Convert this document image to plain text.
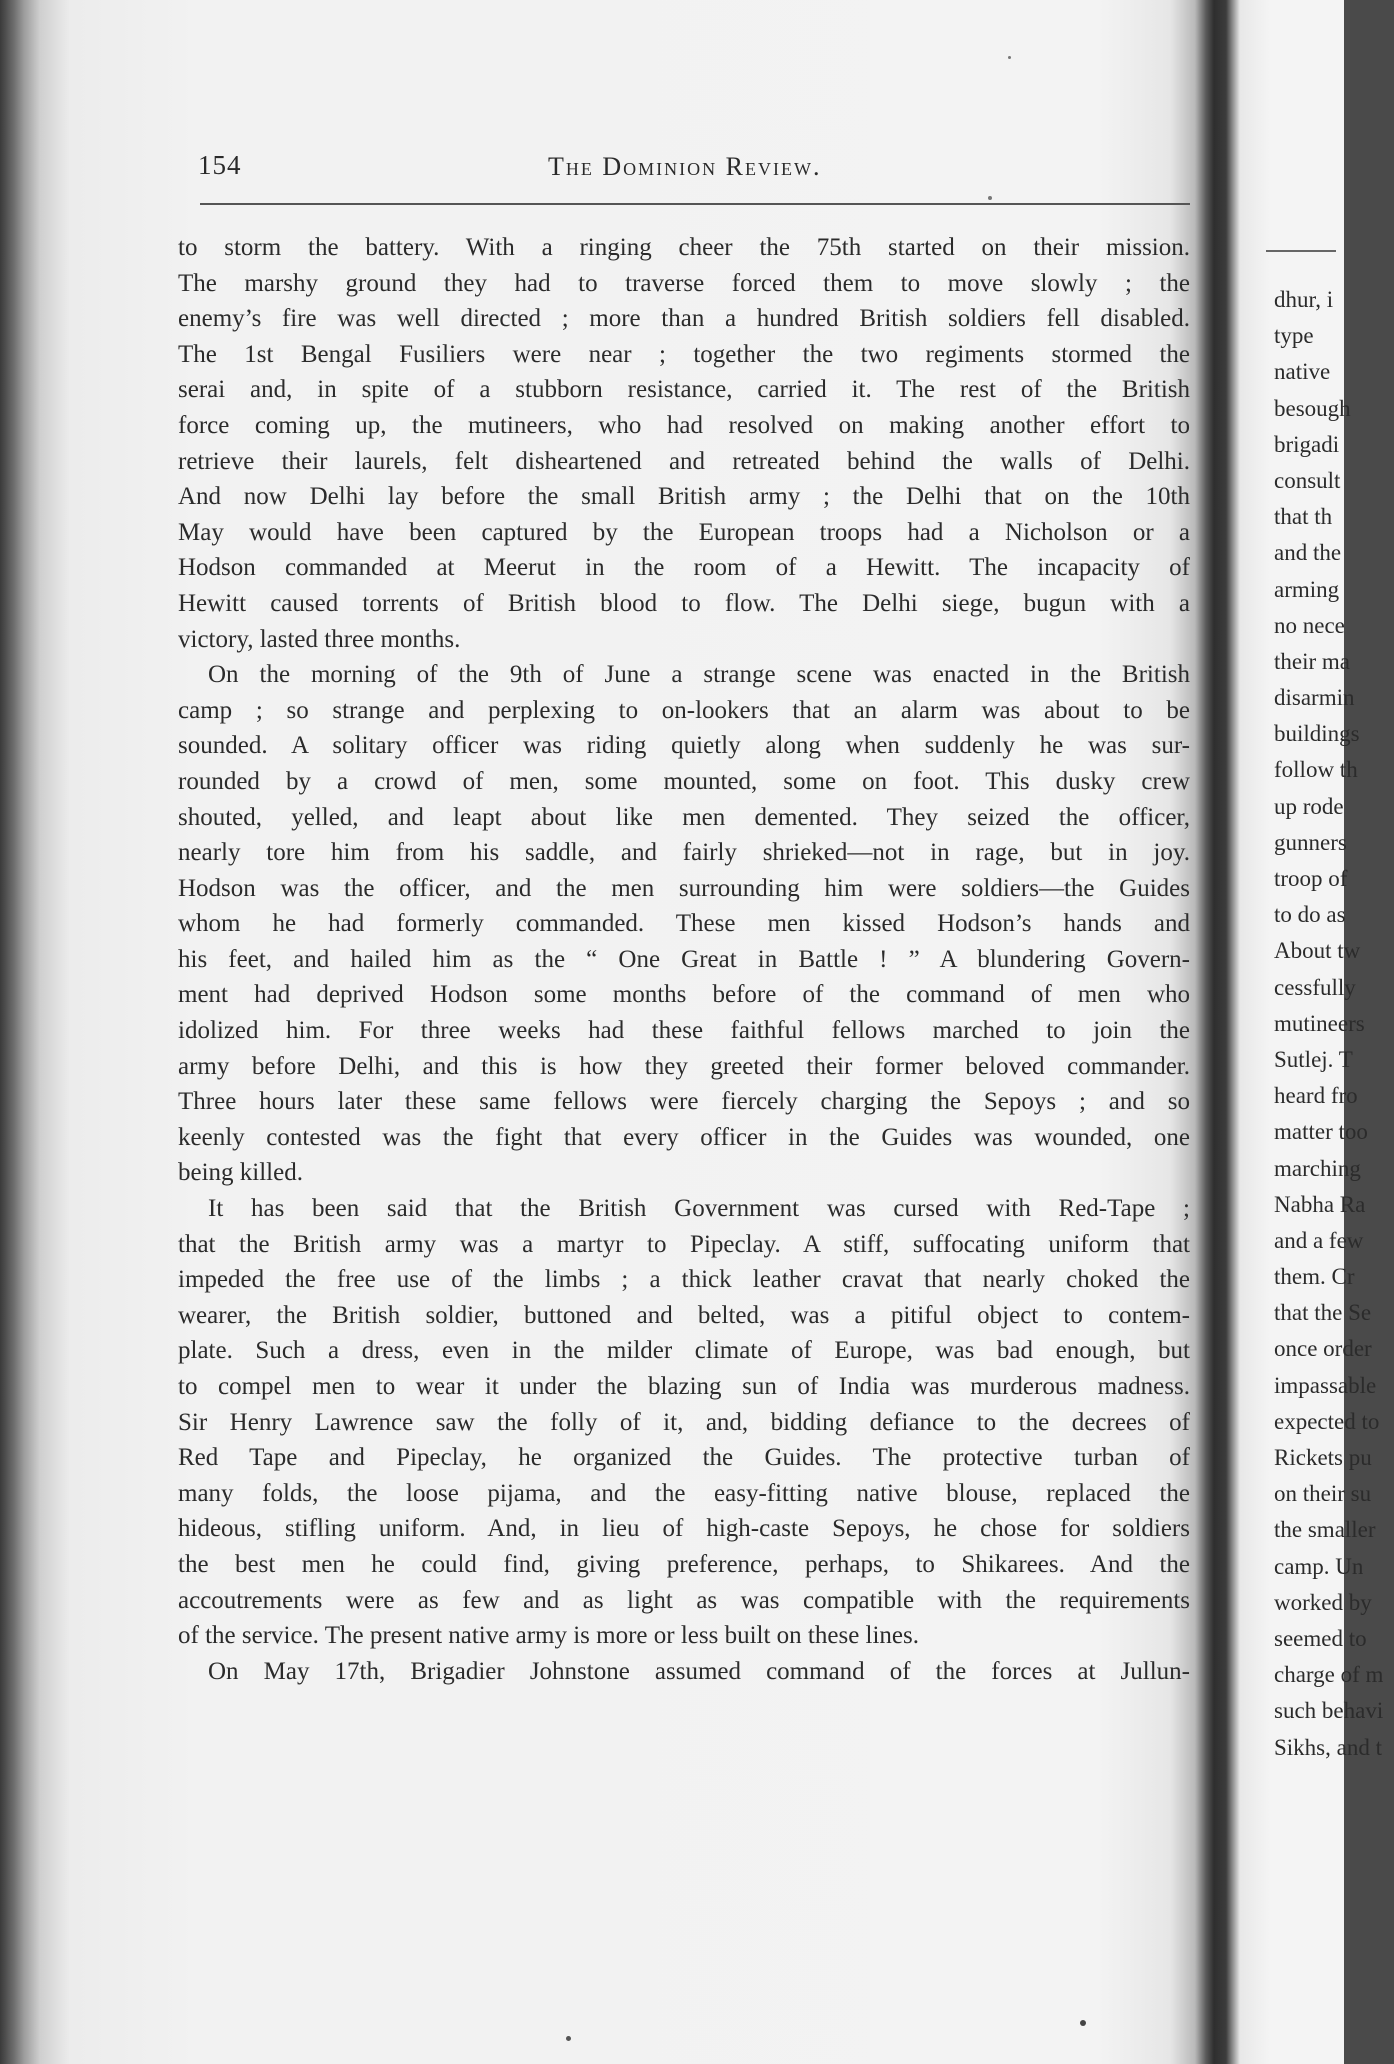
154	The Dominion Review.
to storm the battery. With a ringing cheer the 75th started on their mission.
The marshy ground they had to traverse forced them to move slowly ; the
enemy’s fire was well directed ; more than a hundred British soldiers fell disabled.
The 1st Bengal Fusiliers were near ; together the two regiments stormed the
serai and, in spite of a stubborn resistance, carried it. The rest of the British
force coming up, the mutineers, who had resolved on making another effort to
retrieve their laurels, felt disheartened and retreated behind the walls of Delhi.
And now Delhi lay before the small British army ; the Delhi that on the 10th
May would have been captured by the European troops had a Nicholson or a
Hodson commanded at Meerut in the room of a Hewitt. The incapacity of
Hewitt caused torrents of British blood to flow. The Delhi siege, bugun with a
victory, lasted three months.
On the morning of the 9th of June a strange scene was enacted in the British
camp ; so strange and perplexing to on-lookers that an alarm was about to be
sounded. A solitary officer was riding quietly along when suddenly he was sur-
rounded by a crowd of men, some mounted, some on foot. This dusky crew
shouted, yelled, and leapt about like men demented. They seized the officer,
nearly tore him from his saddle, and fairly shrieked—not in rage, but in joy.
Hodson was the officer, and the men surrounding him were soldiers—the Guides
whom he had formerly commanded. These men kissed Hodson’s hands and
his feet, and hailed him as the “ One Great in Battle ! ” A blundering Govern-
ment had deprived Hodson some months before of the command of men who
idolized him. For three weeks had these faithful fellows marched to join the
army before Delhi, and this is how they greeted their former beloved commander.
Three hours later these same fellows were fiercely charging the Sepoys ; and so
keenly contested was the fight that every officer in the Guides was wounded, one
being killed.
It has been said that the British Government was cursed with Red-Tape ;
that the British army was a martyr to Pipeclay. A stiff, suffocating uniform that
impeded the free use of the limbs ; a thick leather cravat that nearly choked the
wearer, the British soldier, buttoned and belted, was a pitiful object to contem-
plate. Such a dress, even in the milder climate of Europe, was bad enough, but
to compel men to wear it under the blazing sun of India was murderous madness.
Sir Henry Lawrence saw the folly of it, and, bidding defiance to the decrees of
Red Tape and Pipeclay, he organized the Guides. The protective turban of
many folds, the loose pijama, and the easy-fitting native blouse, replaced the
hideous, stifling uniform. And, in lieu of high-caste Sepoys, he chose for soldiers
the best men he could find, giving preference, perhaps, to Shikarees. And the
accoutrements were as few and as light as was compatible with the requirements
of the service. The present native army is more or less built on these lines.
On May 17th, Brigadier Johnstone assumed command of the forces at Jullun-
dhur, i
type
native
besough
brigadi
consult
that th
and the
arming
no nece
their ma
disarmin
buildings
follow th
up rode
gunners
troop of
to do as
About tw
cessfully
mutineers
Sutlej. T
heard fro
matter too
marching
Nabha Ra
and a few
them. Cr
that the Se
once order
impassable
expected to
Rickets pu
on their su
the smaller
camp. Un
worked by
seemed to
charge of m
such behavi
Sikhs, and t
